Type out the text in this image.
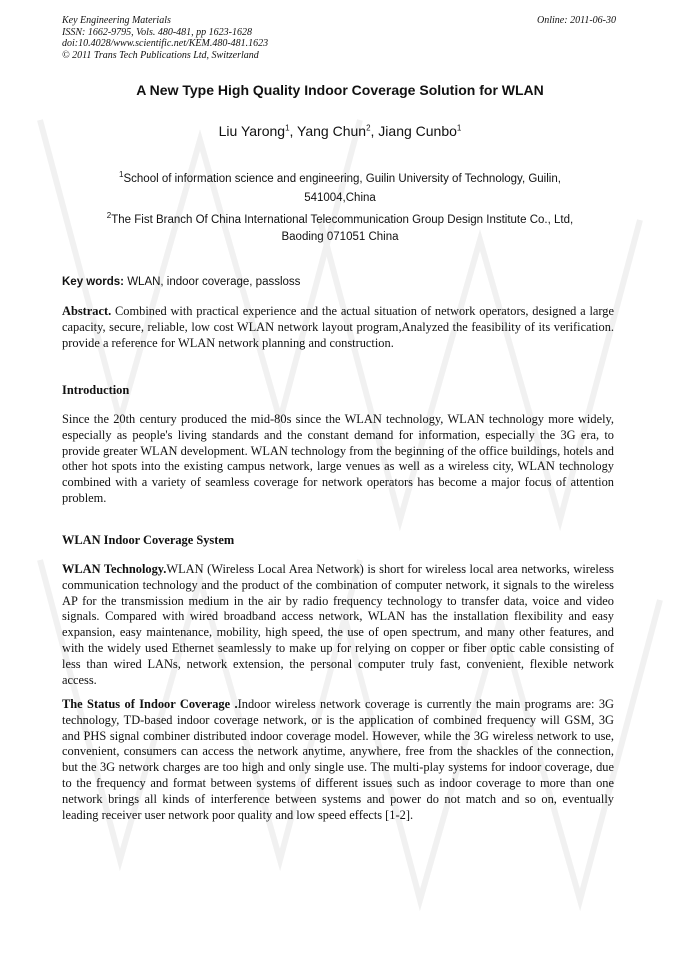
Key Engineering Materials
ISSN: 1662-9795, Vols. 480-481, pp 1623-1628
doi:10.4028/www.scientific.net/KEM.480-481.1623
© 2011 Trans Tech Publications Ltd, Switzerland
Online: 2011-06-30
A New Type High Quality Indoor Coverage Solution for WLAN
Liu Yarong$^1$, Yang Chun$^2$, Jiang Cunbo$^1$
$^1$School of information science and engineering, Guilin University of Technology, Guilin,
541004,China
$^2$The Fist Branch Of China International Telecommunication Group Design Institute Co., Ltd,
Baoding 071051 China
Key words: WLAN, indoor coverage, passloss
Abstract. Combined with practical experience and the actual situation of network operators, designed a large capacity, secure, reliable, low cost WLAN network layout program,Analyzed the feasibility of its verification. provide a reference for WLAN network planning and construction.
Introduction
Since the 20th century produced the mid-80s since the WLAN technology, WLAN technology more widely, especially as people's living standards and the constant demand for information, especially the 3G era, to provide greater WLAN development. WLAN technology from the beginning of the office buildings, hotels and other hot spots into the existing campus network, large venues as well as a wireless city, WLAN technology combined with a variety of seamless coverage for network operators has become a major focus of attention problem.
WLAN Indoor Coverage System
WLAN Technology.WLAN (Wireless Local Area Network) is short for wireless local area networks, wireless communication technology and the product of the combination of computer network, it signals to the wireless AP for the transmission medium in the air by radio frequency technology to transfer data, voice and video signals. Compared with wired broadband access network, WLAN has the installation flexibility and easy expansion, easy maintenance, mobility, high speed, the use of open spectrum, and many other features, and with the widely used Ethernet seamlessly to make up for relying on copper or fiber optic cable consisting of less than wired LANs, network extension, the personal computer truly fast, convenient, flexible network access.
The Status of Indoor Coverage .Indoor wireless network coverage is currently the main programs are: 3G technology, TD-based indoor coverage network, or is the application of combined frequency will GSM, 3G and PHS signal combiner distributed indoor coverage model. However, while the 3G wireless network to use, convenient, consumers can access the network anytime, anywhere, free from the shackles of the connection, but the 3G network charges are too high and only single use. The multi-play systems for indoor coverage, due to the frequency and format between systems of different issues such as indoor coverage to more than one network brings all kinds of interference between systems and power do not match and so on, eventually leading receiver user network poor quality and low speed effects [1-2].
